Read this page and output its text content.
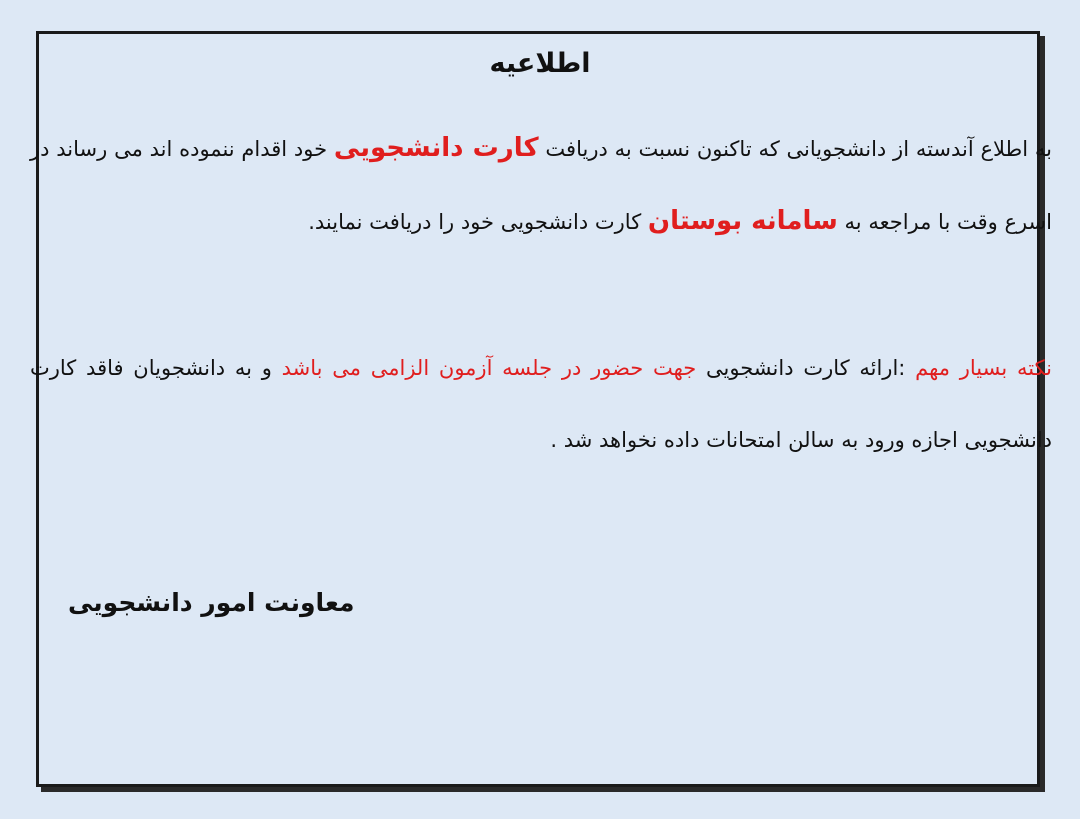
اطلاعیه
به اطلاع آندسته از دانشجویانی که تاکنون نسبت به دریافت کارت دانشجویی خود اقدام ننموده اند می رساند در اسرع وقت با مراجعه به سامانه بوستان کارت دانشجویی خود را دریافت نمایند.
نکته بسیار مهم :ارائه کارت دانشجویی جهت حضور در جلسه آزمون الزامی می باشد و به دانشجویان فاقد کارت دانشجویی اجازه ورود به سالن امتحانات داده نخواهد شد .
معاونت امور دانشجویی
